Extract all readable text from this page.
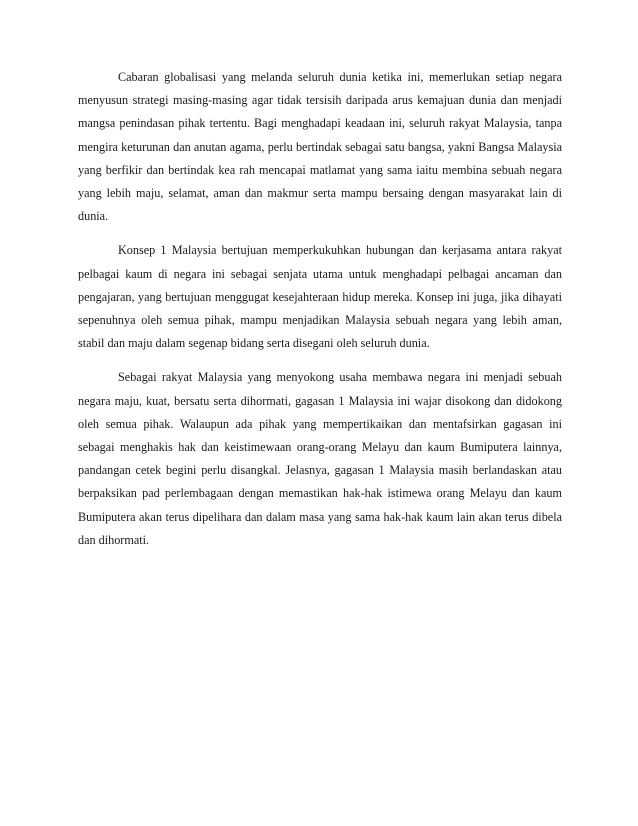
Cabaran globalisasi yang melanda seluruh dunia ketika ini, memerlukan setiap negara menyusun strategi masing-masing agar tidak tersisih daripada arus kemajuan dunia dan menjadi mangsa penindasan pihak tertentu. Bagi menghadapi keadaan ini, seluruh rakyat Malaysia, tanpa mengira keturunan dan anutan agama, perlu bertindak sebagai satu bangsa, yakni Bangsa Malaysia yang berfikir dan bertindak kea rah mencapai matlamat yang sama iaitu membina sebuah negara yang lebih maju, selamat, aman dan makmur serta mampu bersaing dengan masyarakat lain di dunia.

Konsep 1 Malaysia bertujuan memperkukuhkan hubungan dan kerjasama antara rakyat pelbagai kaum di negara ini sebagai senjata utama untuk menghadapi pelbagai ancaman dan pengajaran, yang bertujuan menggugat kesejahteraan hidup mereka. Konsep ini juga, jika dihayati sepenuhnya oleh semua pihak, mampu menjadikan Malaysia sebuah negara yang lebih aman, stabil dan maju dalam segenap bidang serta disegani oleh seluruh dunia.

Sebagai rakyat Malaysia yang menyokong usaha membawa negara ini menjadi sebuah negara maju, kuat, bersatu serta dihormati, gagasan 1 Malaysia ini wajar disokong dan didokong oleh semua pihak. Walaupun ada pihak yang mempertikaikan dan mentafsirkan gagasan ini sebagai menghakis hak dan keistimewaan orang-orang Melayu dan kaum Bumiputera lainnya, pandangan cetek begini perlu disangkal. Jelasnya, gagasan 1 Malaysia masih berlandaskan atau berpaksikan pad perlembagaan dengan memastikan hak-hak istimewa orang Melayu dan kaum Bumiputera akan terus dipelihara dan dalam masa yang sama hak-hak kaum lain akan terus dibela dan dihormati.
